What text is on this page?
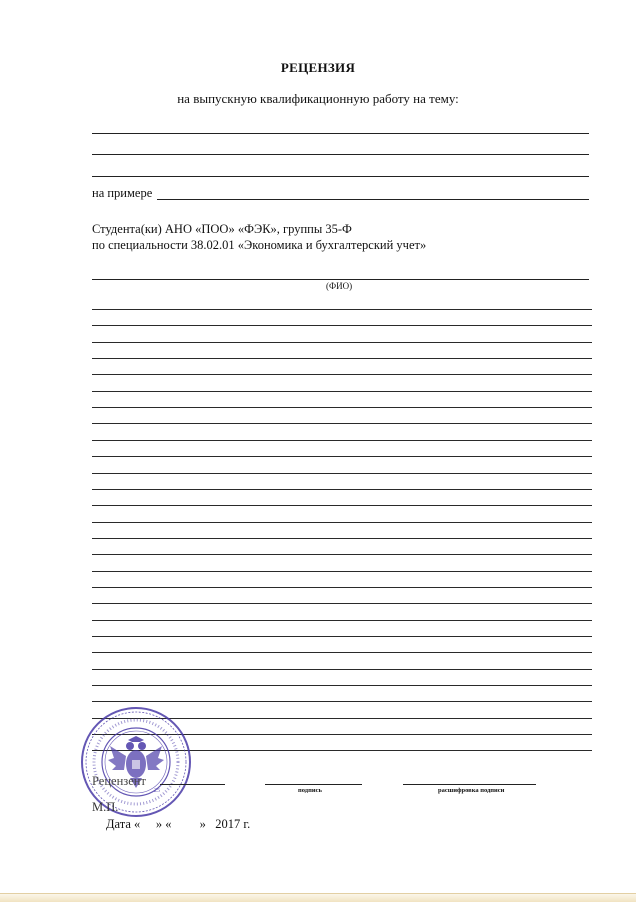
РЕЦЕНЗИЯ
на выпускную квалификационную работу на тему:
на примере
Студента(ки) АНО «ПОО» «ФЭК», группы 35-Ф
по специальности 38.02.01 «Экономика и бухгалтерский учет»
(ФИО)
25
Рецензент
подпись	расшифровка подписи
М.П.
Дата «     » «         »   2017 г.
